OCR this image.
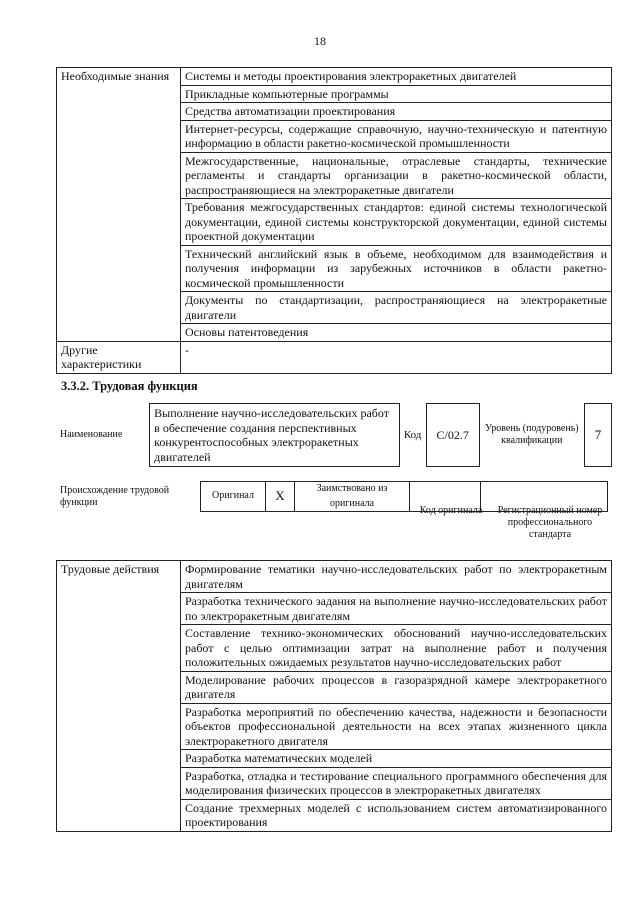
18
Необходимые знания	Системы и методы проектирования электроракетных двигателей
	Прикладные компьютерные программы
	Средства автоматизации проектирования
	Интернет-ресурсы, содержащие справочную, научно-техническую и патентную информацию в области ракетно-космической промышленности
	Межгосударственные, национальные, отраслевые стандарты, технические регламенты и стандарты организации в ракетно-космической области, распространяющиеся на электроракетные двигатели
	Требования межгосударственных стандартов: единой системы технологической документации, единой системы конструкторской документации, единой системы проектной документации
	Технический английский язык в объеме, необходимом для взаимодействия и получения информации из зарубежных источников в области ракетно-космической промышленности
	Документы по стандартизации, распространяющиеся на электроракетные двигатели
	Основы патентоведения
Другие характеристики	-
3.3.2. Трудовая функция
Наименование	Выполнение научно-исследовательских работ в обеспечение создания перспективных конкурентоспособных электроракетных двигателей	Код	C/02.7	Уровень (подуровень) квалификации	7
Происхождение трудовой функции	Оригинал	X	Заимствовано из оригинала		
Код оригинала	Регистрационный номер профессионального стандарта
Трудовые действия	Формирование тематики научно-исследовательских работ по электроракетным двигателям
Разработка технического задания на выполнение научно-исследовательских работ по электроракетным двигателям
Составление технико-экономических обоснований научно-исследовательских работ с целью оптимизации затрат на выполнение работ и получения положительных ожидаемых результатов научно-исследовательских работ
Моделирование рабочих процессов в газоразрядной камере электроракетного двигателя
Разработка мероприятий по обеспечению качества, надежности и безопасности объектов профессиональной деятельности на всех этапах жизненного цикла электроракетного двигателя
Разработка математических моделей
Разработка, отладка и тестирование специального программного обеспечения для моделирования физических процессов в электроракетных двигателях
Создание трехмерных моделей с использованием систем автоматизированного проектирования
